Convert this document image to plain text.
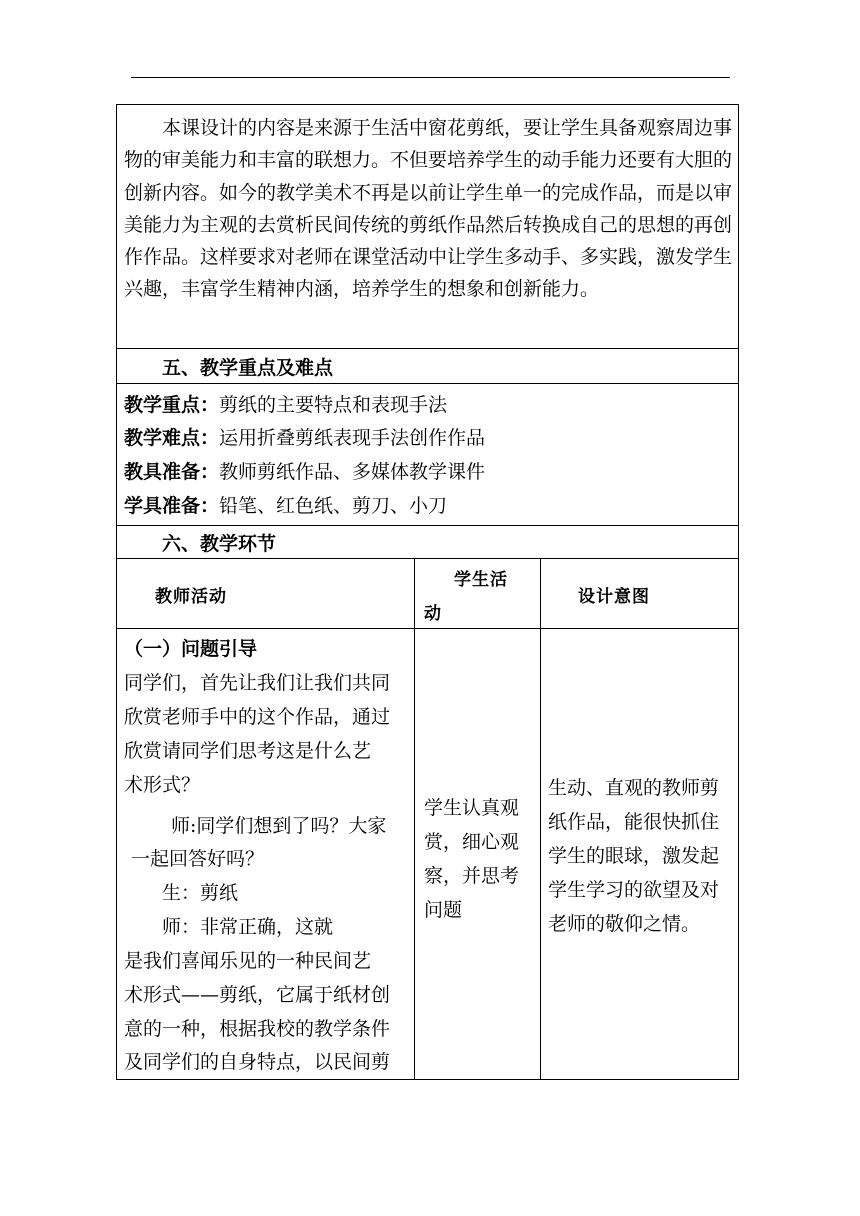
本课设计的内容是来源于生活中窗花剪纸，要让学生具备观察周边事物的审美能力和丰富的联想力。不但要培养学生的动手能力还要有大胆的创新内容。如今的教学美术不再是以前让学生单一的完成作品，而是以审美能力为主观的去赏析民间传统的剪纸作品然后转换成自己的思想的再创作作品。这样要求对老师在课堂活动中让学生多动手、多实践，激发学生兴趣，丰富学生精神内涵，培养学生的想象和创新能力。

五、教学重点及难点
教学重点：剪纸的主要特点和表现手法
教学难点：运用折叠剪纸表现手法创作作品
教具准备：教师剪纸作品、多媒体教学课件
学具准备：铅笔、红色纸、剪刀、小刀
六、教学环节
教师活动
学生活
动
设计意图
（一）问题引导
同学们，首先让我们让我们共同
欣赏老师手中的这个作品，通过
欣赏请同学们思考这是什么艺
术形式？
师:同学们想到了吗？大家
一起回答好吗？
生：剪纸
师：非常正确，这就
是我们喜闻乐见的一种民间艺
术形式——剪纸，它属于纸材创
意的一种，根据我校的教学条件
及同学们的自身特点，以民间剪
学生认真观
赏，细心观
察，并思考
问题
生动、直观的教师剪
纸作品，能很快抓住
学生的眼球，激发起
学生学习的欲望及对
老师的敬仰之情。
